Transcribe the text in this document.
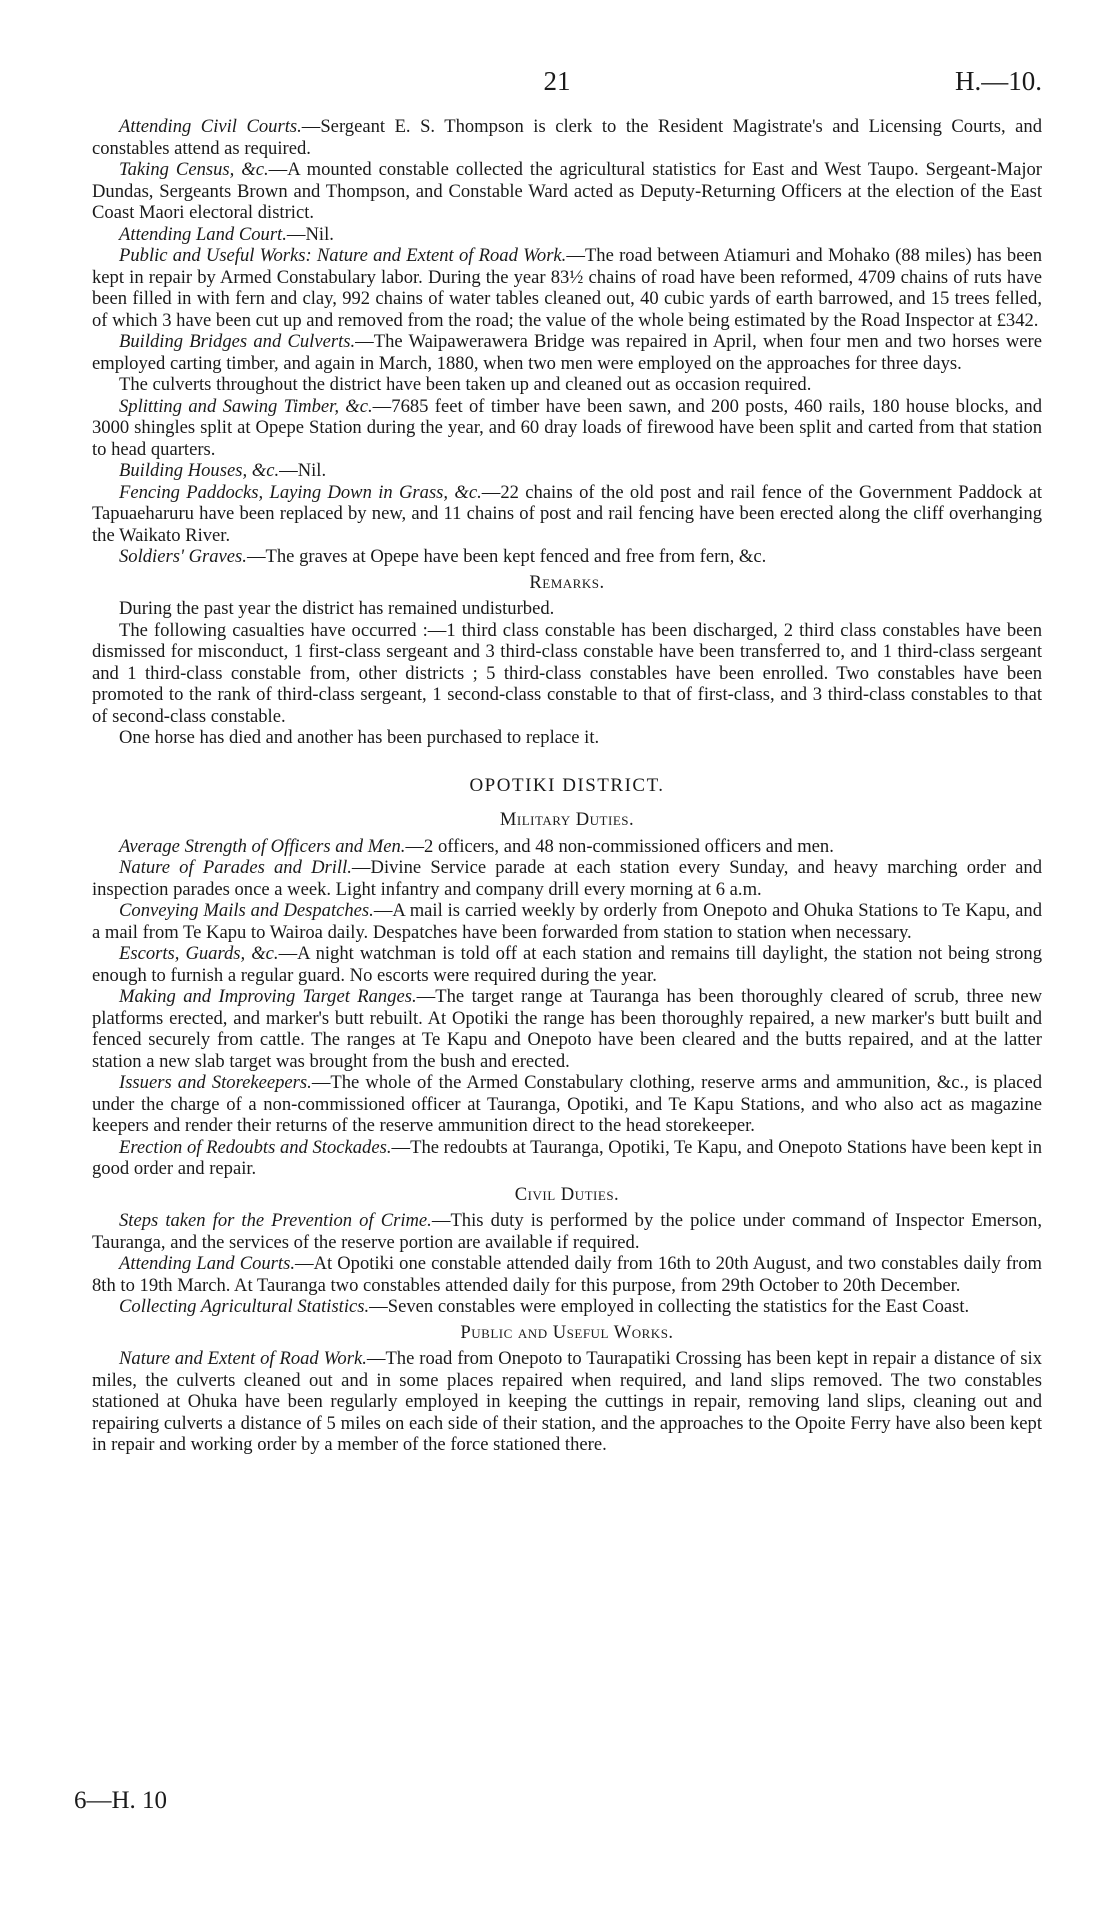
21	H.—10.

Attending Civil Courts.—Sergeant E. S. Thompson is clerk to the Resident Magistrate's and Licensing Courts, and constables attend as required.

Taking Census, &c.—A mounted constable collected the agricultural statistics for East and West Taupo. Sergeant-Major Dundas, Sergeants Brown and Thompson, and Constable Ward acted as Deputy-Returning Officers at the election of the East Coast Maori electoral district.

Attending Land Court.—Nil.

Public and Useful Works: Nature and Extent of Road Work.—The road between Atiamuri and Mohako (88 miles) has been kept in repair by Armed Constabulary labor. During the year 83½ chains of road have been reformed, 4709 chains of ruts have been filled in with fern and clay, 992 chains of water tables cleaned out, 40 cubic yards of earth barrowed, and 15 trees felled, of which 3 have been cut up and removed from the road; the value of the whole being estimated by the Road Inspector at £342.

Building Bridges and Culverts.—The Waipawerawera Bridge was repaired in April, when four men and two horses were employed carting timber, and again in March, 1880, when two men were employed on the approaches for three days.

The culverts throughout the district have been taken up and cleaned out as occasion required.

Splitting and Sawing Timber, &c.—7685 feet of timber have been sawn, and 200 posts, 460 rails, 180 house blocks, and 3000 shingles split at Opepe Station during the year, and 60 dray loads of firewood have been split and carted from that station to head quarters.

Building Houses, &c.—Nil.

Fencing Paddocks, Laying Down in Grass, &c.—22 chains of the old post and rail fence of the Government Paddock at Tapuaeharuru have been replaced by new, and 11 chains of post and rail fencing have been erected along the cliff overhanging the Waikato River.

Soldiers' Graves.—The graves at Opepe have been kept fenced and free from fern, &c.

Remarks.

During the past year the district has remained undisturbed.

The following casualties have occurred :—1 third class constable has been discharged, 2 third class constables have been dismissed for misconduct, 1 first-class sergeant and 3 third-class constable have been transferred to, and 1 third-class sergeant and 1 third-class constable from, other districts ; 5 third-class constables have been enrolled. Two constables have been promoted to the rank of third-class sergeant, 1 second-class constable to that of first-class, and 3 third-class constables to that of second-class constable.

One horse has died and another has been purchased to replace it.

OPOTIKI DISTRICT.
Military Duties.

Average Strength of Officers and Men.—2 officers, and 48 non-commissioned officers and men.

Nature of Parades and Drill.—Divine Service parade at each station every Sunday, and heavy marching order and inspection parades once a week. Light infantry and company drill every morning at 6 a.m.

Conveying Mails and Despatches.—A mail is carried weekly by orderly from Onepoto and Ohuka Stations to Te Kapu, and a mail from Te Kapu to Wairoa daily. Despatches have been forwarded from station to station when necessary.

Escorts, Guards, &c.—A night watchman is told off at each station and remains till daylight, the station not being strong enough to furnish a regular guard. No escorts were required during the year.

Making and Improving Target Ranges.—The target range at Tauranga has been thoroughly cleared of scrub, three new platforms erected, and marker's butt rebuilt. At Opotiki the range has been thoroughly repaired, a new marker's butt built and fenced securely from cattle. The ranges at Te Kapu and Onepoto have been cleared and the butts repaired, and at the latter station a new slab target was brought from the bush and erected.

Issuers and Storekeepers.—The whole of the Armed Constabulary clothing, reserve arms and ammunition, &c., is placed under the charge of a non-commissioned officer at Tauranga, Opotiki, and Te Kapu Stations, and who also act as magazine keepers and render their returns of the reserve ammunition direct to the head storekeeper.

Erection of Redoubts and Stockades.—The redoubts at Tauranga, Opotiki, Te Kapu, and Onepoto Stations have been kept in good order and repair.

Civil Duties.

Steps taken for the Prevention of Crime.—This duty is performed by the police under command of Inspector Emerson, Tauranga, and the services of the reserve portion are available if required.

Attending Land Courts.—At Opotiki one constable attended daily from 16th to 20th August, and two constables daily from 8th to 19th March. At Tauranga two constables attended daily for this purpose, from 29th October to 20th December.

Collecting Agricultural Statistics.—Seven constables were employed in collecting the statistics for the East Coast.

Public and Useful Works.

Nature and Extent of Road Work.—The road from Onepoto to Taurapatiki Crossing has been kept in repair a distance of six miles, the culverts cleaned out and in some places repaired when required, and land slips removed. The two constables stationed at Ohuka have been regularly employed in keeping the cuttings in repair, removing land slips, cleaning out and repairing culverts a distance of 5 miles on each side of their station, and the approaches to the Opoite Ferry have also been kept in repair and working order by a member of the force stationed there.

6—H. 10
